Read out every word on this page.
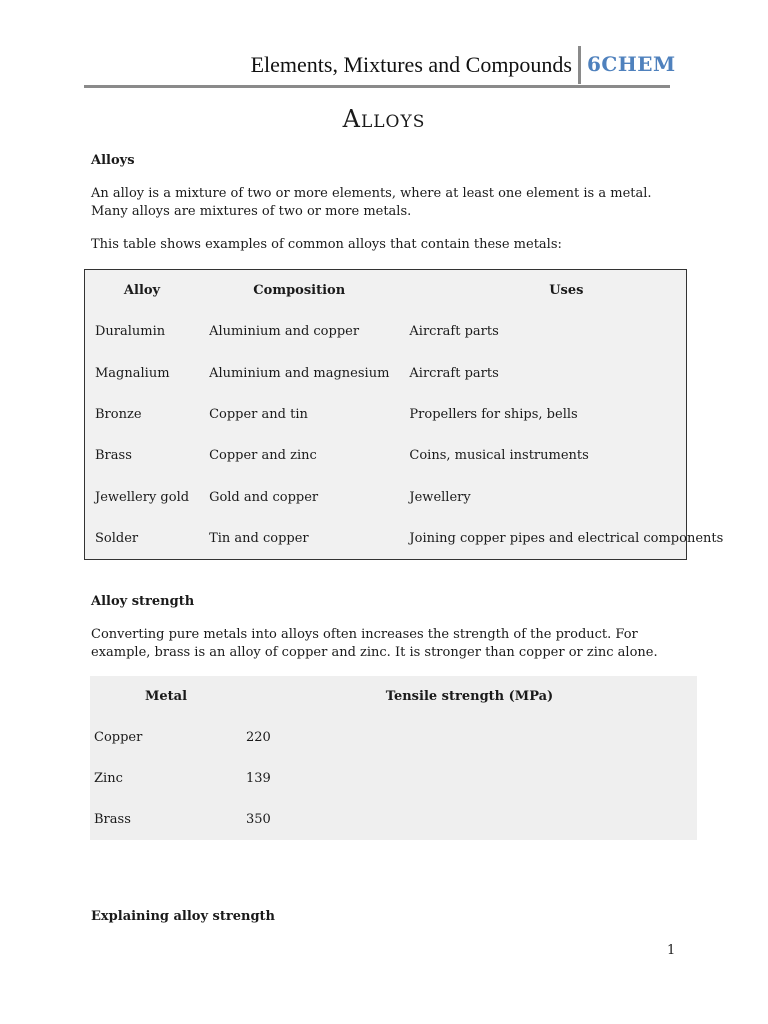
Elements, Mixtures and Compounds 6CHEM
Alloys
Alloys
An alloy is a mixture of two or more elements, where at least one element is a metal. Many alloys are mixtures of two or more metals.
This table shows examples of common alloys that contain these metals:
Alloy	Composition	Uses
Duralumin	Aluminium and copper	Aircraft parts
Magnalium	Aluminium and magnesium	Aircraft parts
Bronze	Copper and tin	Propellers for ships, bells
Brass	Copper and zinc	Coins, musical instruments
Jewellery gold	Gold and copper	Jewellery
Solder	Tin and copper	Joining copper pipes and electrical components
Alloy strength
Converting pure metals into alloys often increases the strength of the product. For example, brass is an alloy of copper and zinc. It is stronger than copper or zinc alone.
Metal	Tensile strength (MPa)
Copper	220
Zinc	139
Brass	350
Explaining alloy strength
1
